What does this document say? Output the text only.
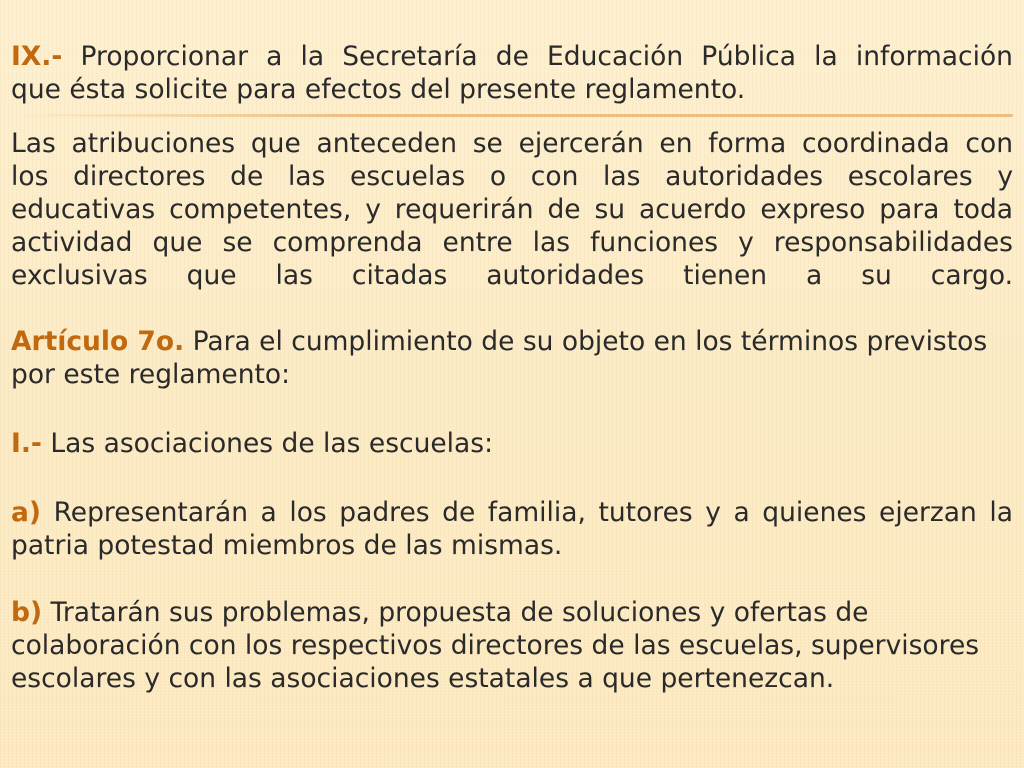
IX.- Proporcionar a la Secretaría de Educación Pública la información
que ésta solicite para efectos del presente reglamento.
Las atribuciones que anteceden se ejercerán en forma coordinada con
los directores de las escuelas o con las autoridades escolares y
educativas competentes, y requerirán de su acuerdo expreso para toda
actividad que se comprenda entre las funciones y responsabilidades
exclusivas que las citadas autoridades tienen a su cargo.
Artículo 7o. Para el cumplimiento de su objeto en los términos previstos
por este reglamento:
I.- Las asociaciones de las escuelas:
a) Representarán a los padres de familia, tutores y a quienes ejerzan la
patria potestad miembros de las mismas.
b) Tratarán sus problemas, propuesta de soluciones y ofertas de
colaboración con los respectivos directores de las escuelas, supervisores
escolares y con las asociaciones estatales a que pertenezcan.
